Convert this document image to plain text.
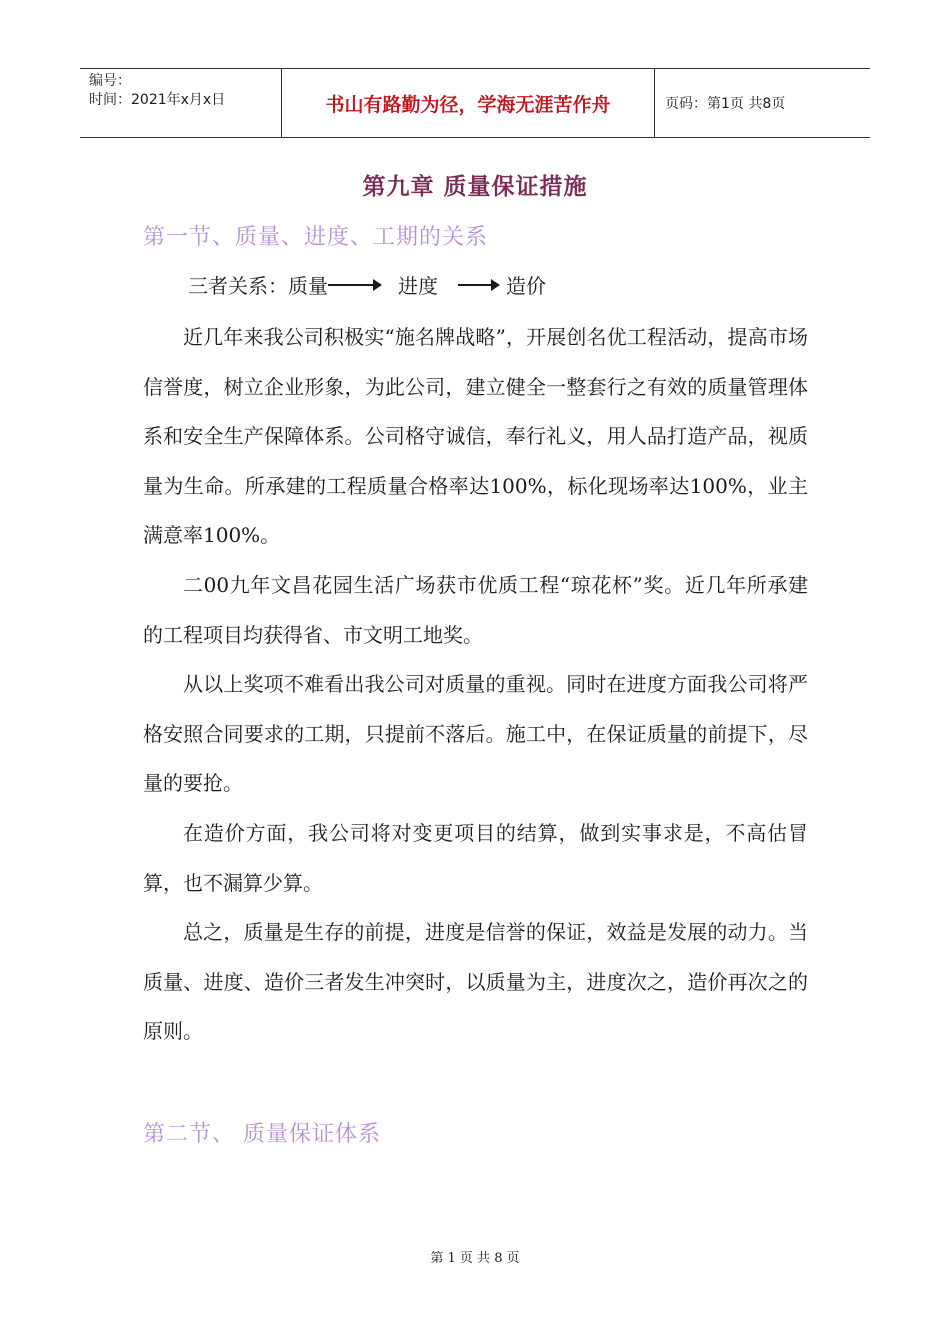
编号：
时间：2021年x月x日	书山有路勤为径，学海无涯苦作舟	页码：第1页 共8页
第九章 质量保证措施
第一节、质量、进度、工期的关系
三者关系：质量	进度	造价

近几年来我公司积极实“施名牌战略”，开展创名优工程活动，提高市场信誉度，树立企业形象，为此公司，建立健全一整套行之有效的质量管理体系和安全生产保障体系。公司格守诚信，奉行礼义，用人品打造产品，视质量为生命。所承建的工程质量合格率达100%，标化现场率达100%，业主满意率100%。

二00九年文昌花园生活广场获市优质工程“琼花杯”奖。近几年所承建的工程项目均获得省、市文明工地奖。

从以上奖项不难看出我公司对质量的重视。同时在进度方面我公司将严格安照合同要求的工期，只提前不落后。施工中，在保证质量的前提下，尽量的要抢。

在造价方面，我公司将对变更项目的结算，做到实事求是，不高估冒算，也不漏算少算。

总之，质量是生存的前提，进度是信誉的保证，效益是发展的动力。当质量、进度、造价三者发生冲突时，以质量为主，进度次之，造价再次之的原则。

第二节、 质量保证体系
第 1 页 共 8 页
